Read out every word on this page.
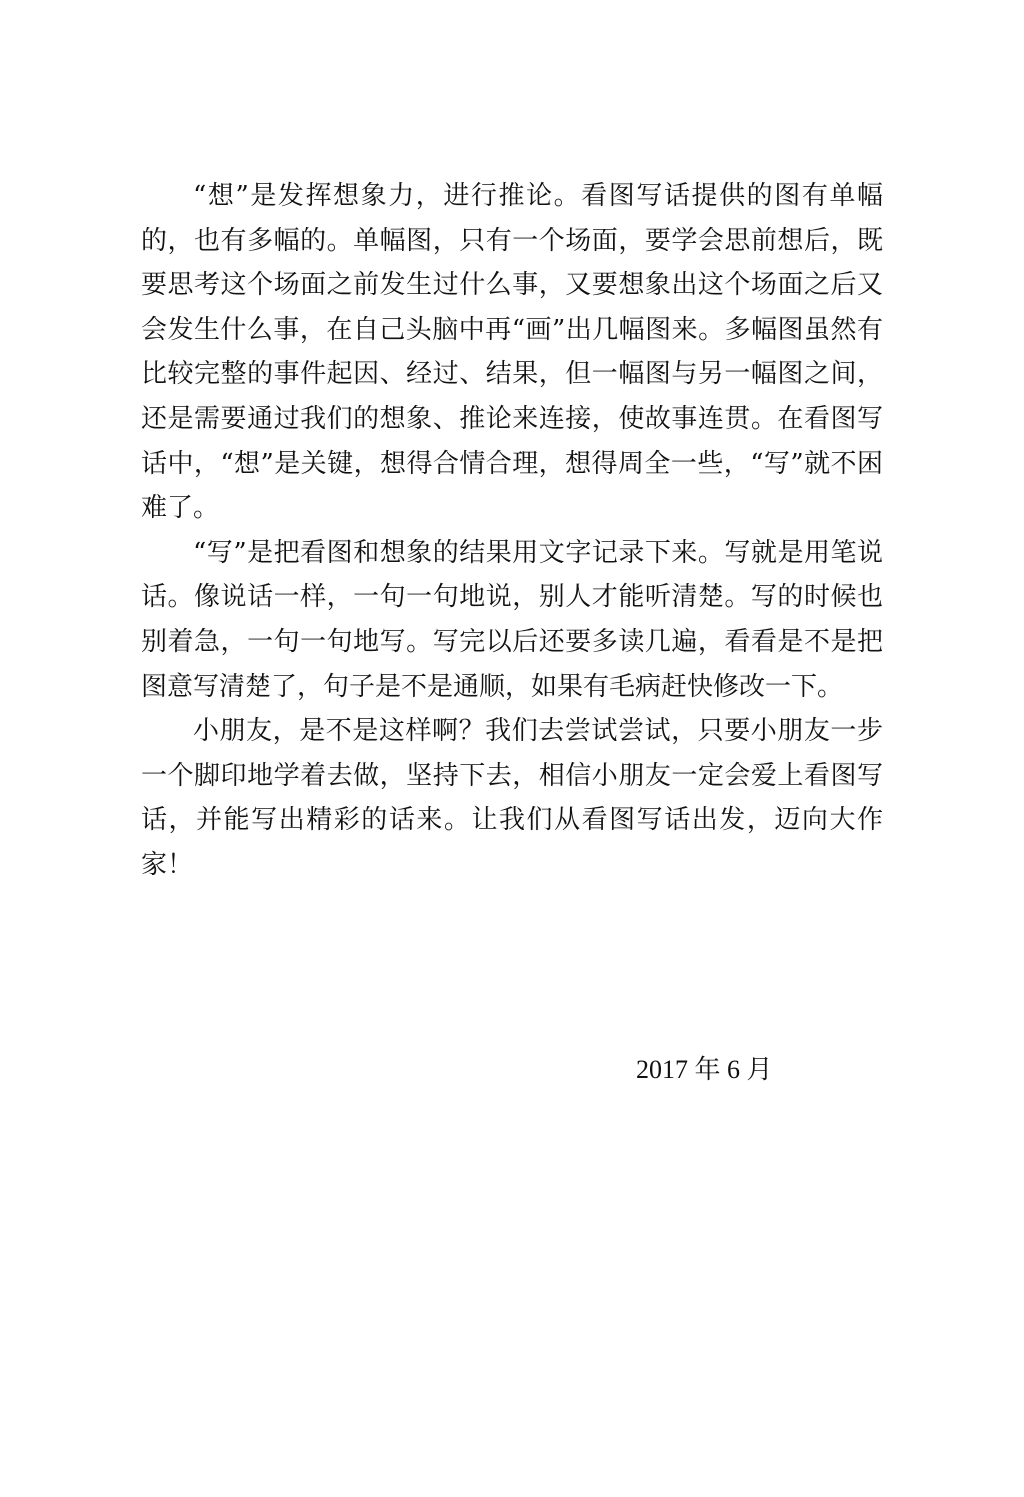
“想”是发挥想象力，进行推论。看图写话提供的图有单幅的，也有多幅的。单幅图，只有一个场面，要学会思前想后，既要思考这个场面之前发生过什么事，又要想象出这个场面之后又会发生什么事，在自己头脑中再“画”出几幅图来。多幅图虽然有比较完整的事件起因、经过、结果，但一幅图与另一幅图之间，还是需要通过我们的想象、推论来连接，使故事连贯。在看图写话中，“想”是关键，想得合情合理，想得周全一些，“写”就不困难了。

“写”是把看图和想象的结果用文字记录下来。写就是用笔说话。像说话一样，一句一句地说，别人才能听清楚。写的时候也别着急，一句一句地写。写完以后还要多读几遍，看看是不是把图意写清楚了，句子是不是通顺，如果有毛病赶快修改一下。

小朋友，是不是这样啊？我们去尝试尝试，只要小朋友一步一个脚印地学着去做，坚持下去，相信小朋友一定会爱上看图写话，并能写出精彩的话来。让我们从看图写话出发，迈向大作家！

2017 年 6 月
